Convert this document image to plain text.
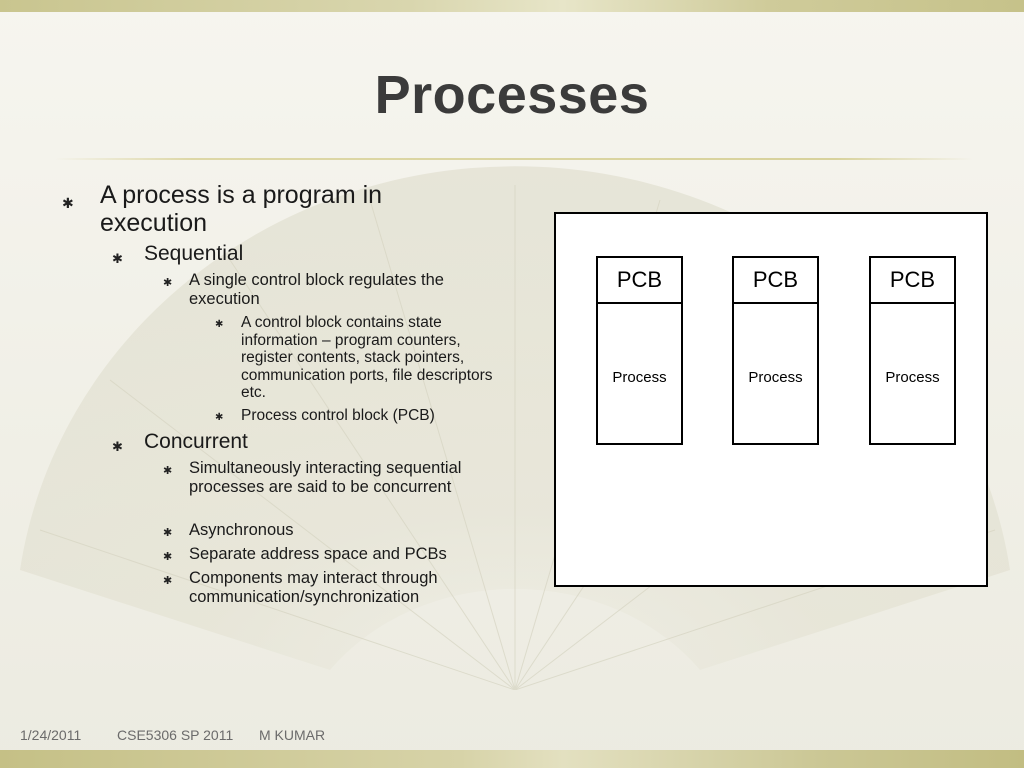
Processes
✱ A process is a program in execution
✱ Sequential
✱ A single control block regulates the execution
✱ A control block contains state information – program counters, register contents, stack pointers, communication ports, file descriptors etc.
✱ Process control block (PCB)
✱ Concurrent
✱ Simultaneously interacting sequential processes are said to be concurrent
✱ Asynchronous
✱ Separate address space and PCBs
✱ Components may interact through communication/synchronization
PCB
Process
PCB
Process
PCB
Process
1/24/2011	CSE5306 SP 2011 M KUMAR
